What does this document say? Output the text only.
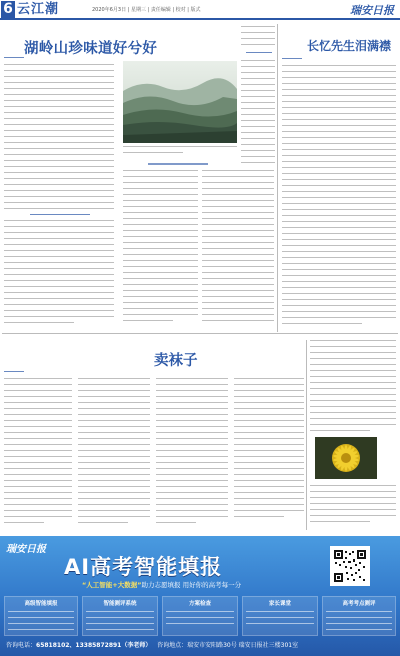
6 云江潮	2020年6月3日 | 星期三 | 责任编辑 | 校对 | 版式	瑞安日报
湖岭山珍味道好兮好	长忆先生泪满襟
卖袜子
瑞安日报
AI高考智能填报
“人工智能+大数据”助力志愿填报 用好你的高考每一分
高级智能填报	智能测评系统	方案检查	家长课堂	高考考点测评
咨询电话：65818102、13385872891（李老师） 咨询地点：瑞安市安阳路30号 瑞安日报社三楼301室
